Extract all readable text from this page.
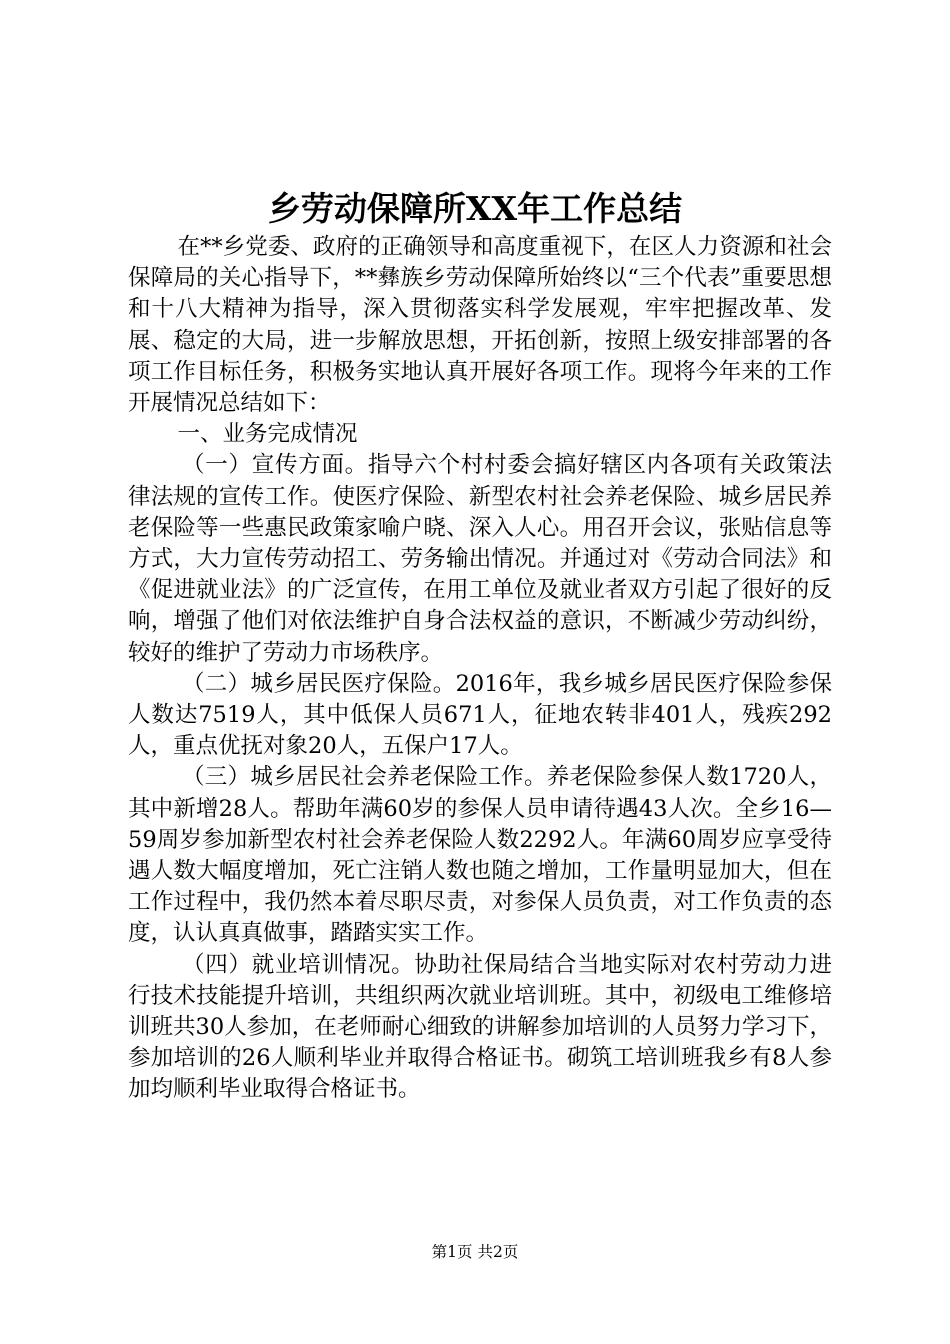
乡劳动保障所XX年工作总结

在**乡党委、政府的正确领导和高度重视下，在区人力资源和社会保障局的关心指导下，**彝族乡劳动保障所始终以“三个代表”重要思想和十八大精神为指导，深入贯彻落实科学发展观，牢牢把握改革、发展、稳定的大局，进一步解放思想，开拓创新，按照上级安排部署的各项工作目标任务，积极务实地认真开展好各项工作。现将今年来的工作开展情况总结如下：

一、业务完成情况

（一）宣传方面。指导六个村村委会搞好辖区内各项有关政策法律法规的宣传工作。使医疗保险、新型农村社会养老保险、城乡居民养老保险等一些惠民政策家喻户晓、深入人心。用召开会议，张贴信息等方式，大力宣传劳动招工、劳务输出情况。并通过对《劳动合同法》和《促进就业法》的广泛宣传，在用工单位及就业者双方引起了很好的反响，增强了他们对依法维护自身合法权益的意识，不断减少劳动纠纷，较好的维护了劳动力市场秩序。

（二）城乡居民医疗保险。2016年，我乡城乡居民医疗保险参保人数达7519人，其中低保人员671人，征地农转非401人，残疾292人，重点优抚对象20人，五保户17人。

（三）城乡居民社会养老保险工作。养老保险参保人数1720人，其中新增28人。帮助年满60岁的参保人员申请待遇43人次。全乡16—59周岁参加新型农村社会养老保险人数2292人。年满60周岁应享受待遇人数大幅度增加，死亡注销人数也随之增加，工作量明显加大，但在工作过程中，我仍然本着尽职尽责，对参保人员负责，对工作负责的态度，认认真真做事，踏踏实实工作。

（四）就业培训情况。协助社保局结合当地实际对农村劳动力进行技术技能提升培训，共组织两次就业培训班。其中，初级电工维修培训班共30人参加，在老师耐心细致的讲解参加培训的人员努力学习下，参加培训的26人顺利毕业并取得合格证书。砌筑工培训班我乡有8人参加均顺利毕业取得合格证书。

第1页 共2页
